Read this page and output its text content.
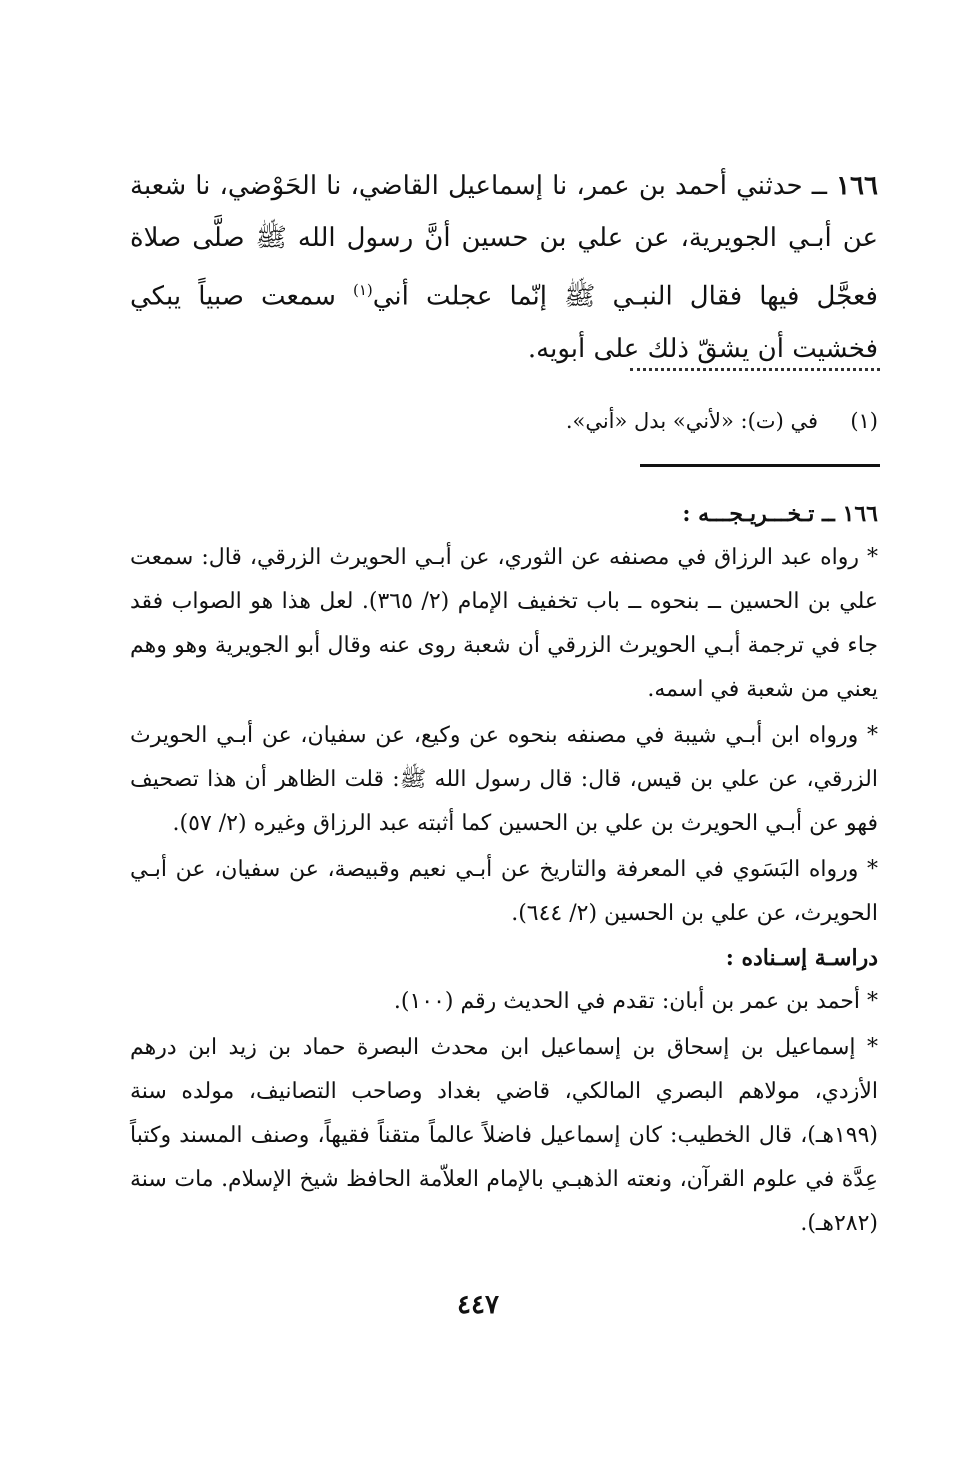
١٦٦ ــ حدثني أحمد بن عمر، نا إسماعيل القاضي، نا الحَوْضي، نا شعبة عن أبـي الجويرية، عن علي بن حسين أنَّ رسول الله ﷺ صلَّى صلاة فعجَّل فيها فقال النبـي ﷺ إنّما عجلت أني$^{(١)}$ سمعت صبياً يبكي فخشيت أن يشقّ ذلك على أبويه.
(١)في (ت): «لأني» بدل «أني».
١٦٦ ــ تـخـــريـجـــه :

* رواه عبد الرزاق في مصنفه عن الثوري، عن أبـي الحويرث الزرقي، قال: سمعت علي بن الحسين ــ بنحوه ــ باب تخفيف الإمام (٢/ ٣٦٥). لعل هذا هو الصواب فقد جاء في ترجمة أبـي الحويرث الزرقي أن شعبة روى عنه وقال أبو الجويرية وهو وهم يعني من شعبة في اسمه.

* ورواه ابن أبـي شيبة في مصنفه بنحوه عن وكيع، عن سفيان، عن أبـي الحويرث الزرقي، عن علي بن قيس، قال: قال رسول الله ﷺ: قلت الظاهر أن هذا تصحيف فهو عن أبـي الحويرث بن علي بن الحسين كما أثبته عبد الرزاق وغيره (٢/ ٥٧).

* ورواه البَسَوي في المعرفة والتاريخ عن أبـي نعيم وقبيصة، عن سفيان، عن أبـي الحويرث، عن علي بن الحسين (٢/ ٦٤٤).

دراسـة إسـناده :

* أحمد بن عمر بن أبان: تقدم في الحديث رقم (١٠٠).

* إسماعيل بن إسحاق بن إسماعيل ابن محدث البصرة حماد بن زيد ابن درهم الأزدي، مولاهم البصري المالكي، قاضي بغداد وصاحب التصانيف، مولده سنة (١٩٩هـ)، قال الخطيب: كان إسماعيل فاضلاً عالماً متقناً فقيهاً، وصنف المسند وكتباً عِدَّة في علوم القرآن، ونعته الذهبـي بالإمام العلاّمة الحافظ شيخ الإسلام. مات سنة (٢٨٢هـ).

٤٤٧
